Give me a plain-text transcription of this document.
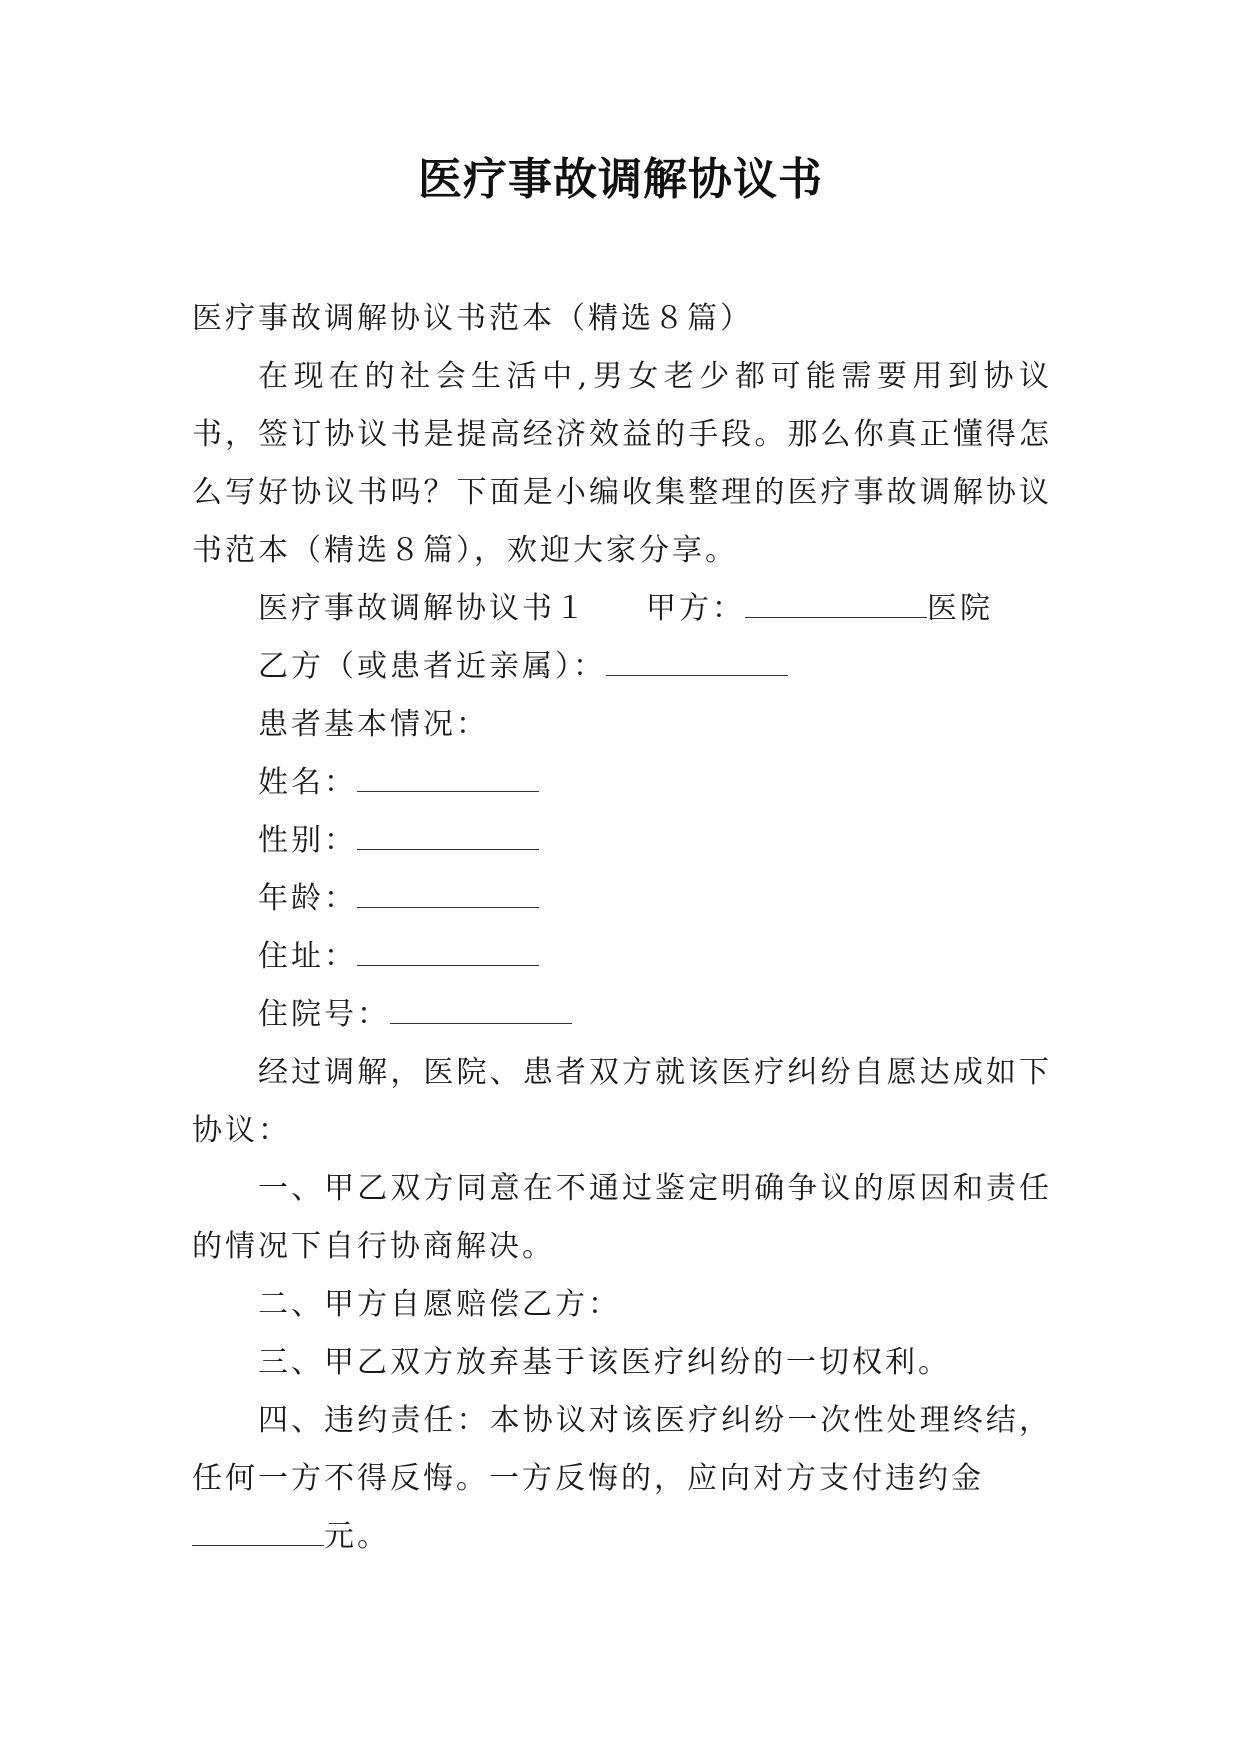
医疗事故调解协议书

医疗事故调解协议书范本（精选８篇）

在现在的社会生活中,男女老少都可能需要用到协议书，签订协议书是提高经济效益的手段。那么你真正懂得怎么写好协议书吗？下面是小编收集整理的医疗事故调解协议书范本（精选８篇），欢迎大家分享。

医疗事故调解协议书１ 甲方：	医院

乙方（或患者近亲属）：

患者基本情况：

姓名：

性别：

年龄：

住址：

住院号：

经过调解，医院、患者双方就该医疗纠纷自愿达成如下协议：

一、甲乙双方同意在不通过鉴定明确争议的原因和责任的情况下自行协商解决。

二、甲方自愿赔偿乙方：

三、甲乙双方放弃基于该医疗纠纷的一切权利。

四、违约责任：本协议对该医疗纠纷一次性处理终结，任何一方不得反悔。一方反悔的，应向对方支付违约金
元。
